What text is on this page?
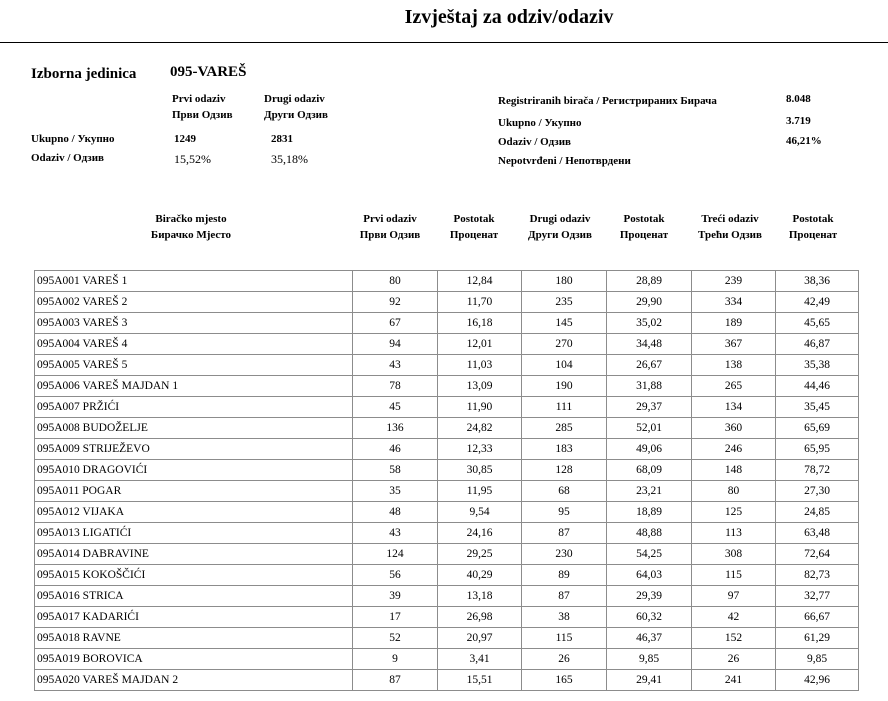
Izvještaj za odziv/odaziv
Izborna jedinica 095-VAREŠ
Prvi odaziv
Први Одзив
Drugi odaziv
Други Одзив
Ukupno / Укупно	1249	2831
Odaziv / Одзив	15,52%	35,18%
Registriranih birača / Регистрираних Бирача	8.048
Ukupno / Укупно	3.719
Odaziv / Одзив	46,21%
Nepotvrđeni / Непотврдени
Biračko mjesto
Бирачко Мјесто
Prvi odaziv
Први Одзив
Postotak
Проценат
Drugi odaziv
Други Одзив
Postotak
Проценат
Treći odaziv
Трећи Одзив
Postotak
Проценат
095A001 VAREŠ 1	80	12,84	180	28,89	239	38,36
095A002 VAREŠ 2	92	11,70	235	29,90	334	42,49
095A003 VAREŠ 3	67	16,18	145	35,02	189	45,65
095A004 VAREŠ 4	94	12,01	270	34,48	367	46,87
095A005 VAREŠ 5	43	11,03	104	26,67	138	35,38
095A006 VAREŠ MAJDAN 1	78	13,09	190	31,88	265	44,46
095A007 PRŽIĆI	45	11,90	111	29,37	134	35,45
095A008 BUDOŽELJE	136	24,82	285	52,01	360	65,69
095A009 STRIJEŽEVO	46	12,33	183	49,06	246	65,95
095A010 DRAGOVIĆI	58	30,85	128	68,09	148	78,72
095A011 POGAR	35	11,95	68	23,21	80	27,30
095A012 VIJAKA	48	9,54	95	18,89	125	24,85
095A013 LIGATIĆI	43	24,16	87	48,88	113	63,48
095A014 DABRAVINE	124	29,25	230	54,25	308	72,64
095A015 KOKOŠČIĆI	56	40,29	89	64,03	115	82,73
095A016 STRICA	39	13,18	87	29,39	97	32,77
095A017 KADARIĆI	17	26,98	38	60,32	42	66,67
095A018 RAVNE	52	20,97	115	46,37	152	61,29
095A019 BOROVICA	9	3,41	26	9,85	26	9,85
095A020 VAREŠ MAJDAN 2	87	15,51	165	29,41	241	42,96
